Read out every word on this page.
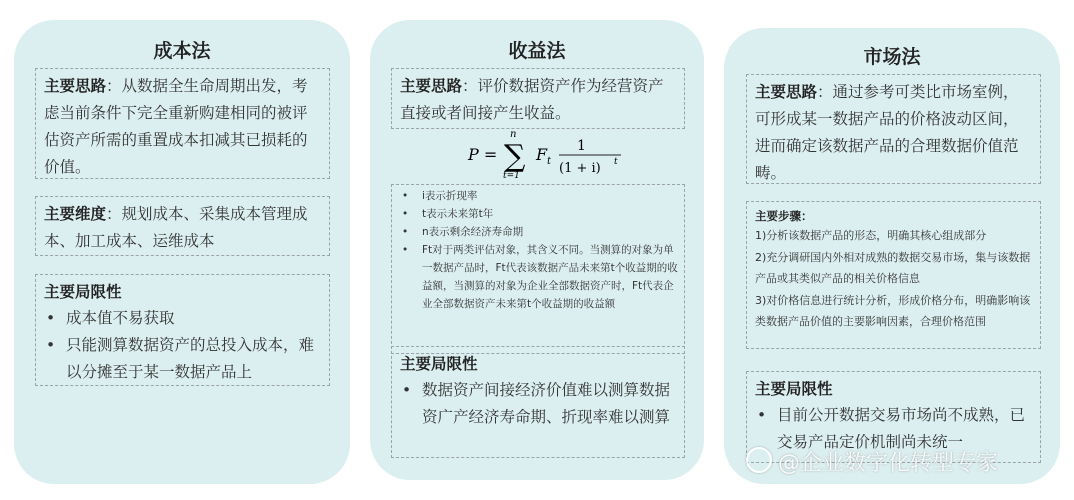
成本法
主要思路：从数据全生命周期出发，考虑当前条件下完全重新购建相同的被评估资产所需的重置成本扣减其已损耗的价值。
主要维度：规划成本、采集成本管理成本、加工成本、运维成本
主要局限性
• 成本值不易获取
• 只能测算数据资产的总投入成本，难以分摊至于某一数据产品上
收益法
主要思路：评价数据资产作为经营资产直接或者间接产生收益。
• i表示折现率
• t表示未来第t年
• n表示剩余经济寿命期
• Ft对于两类评估对象，其含义不同。当测算的对象为单一数据产品时，Ft代表该数据产品未来第t个收益期的收益额，当测算的对象为企业全部数据资产时，Ft代表企业全部数据资产未来第t个收益期的收益额
主要局限性
• 数据资产间接经济价值难以测算数据资广产经济寿命期、折现率难以测算
P = ∑
n
t=1
F t
1
(1 + i) t
市场法
主要思路：通过参考可类比市场室例，可形成某一数据产品的价格波动区间，进而确定该数据产品的合理数据价值范畴。
主要步骤：
1)分析该数据产品的形态，明确其核心组成部分
2)充分调研国内外相对成熟的数据交易市场，集与该数据产品或其类似产品的相关价格信息
3)对价格信息进行统计分析，形成价格分布，明确影响该类数据产品价值的主要影响因素，合理价格范围
主要局限性
• 目前公开数据交易市场尚不成熟，已交易产品定价机制尚未统一
@企业数字化转型专家
